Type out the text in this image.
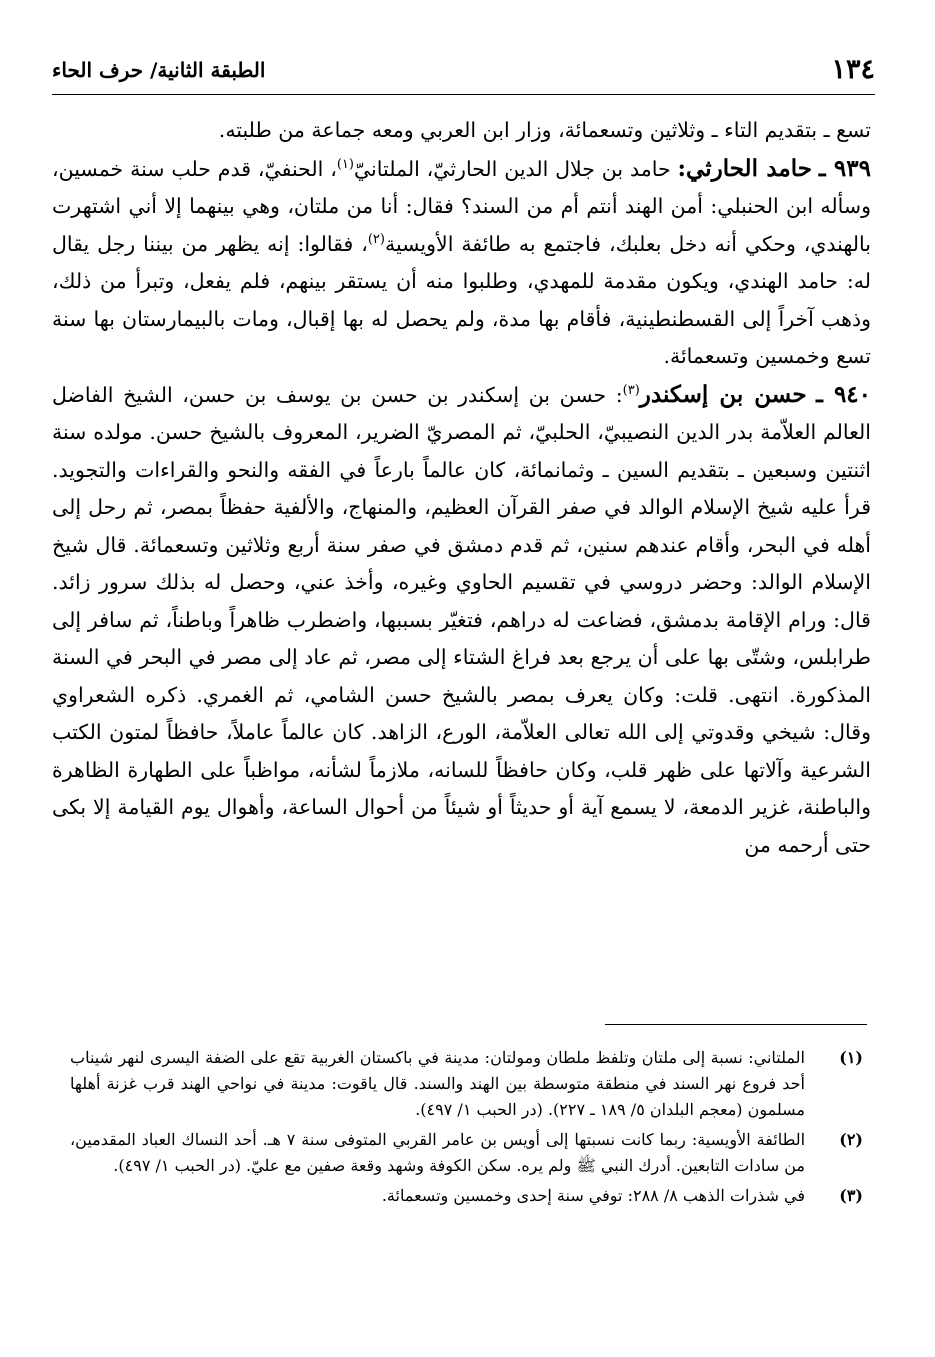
١٣٤
الطبقة الثانية/ حرف الحاء

تسع ـ بتقديم التاء ـ وثلاثين وتسعمائة، وزار ابن العربي ومعه جماعة من طلبته.

٩٣٩ ـ حامد الحارثي: حامد بن جلال الدين الحارثيّ، الملتانيّ$^{(١)}$، الحنفيّ، قدم حلب سنة خمسين، وسأله ابن الحنبلي: أمن الهند أنتم أم من السند؟ فقال: أنا من ملتان، وهي بينهما إلا أني اشتهرت بالهندي، وحكي أنه دخل بعلبك، فاجتمع به طائفة الأويسية$^{(٢)}$، فقالوا: إنه يظهر من بيننا رجل يقال له: حامد الهندي، ويكون مقدمة للمهدي، وطلبوا منه أن يستقر بينهم، فلم يفعل، وتبرأ من ذلك، وذهب آخراً إلى القسطنطينية، فأقام بها مدة، ولم يحصل له بها إقبال، ومات بالبيمارستان بها سنة تسع وخمسين وتسعمائة.

٩٤٠ ـ حسن بن إسكندر$^{(٣)}$: حسن بن إسكندر بن حسن بن يوسف بن حسن، الشيخ الفاضل العالم العلاّمة بدر الدين النصيبيّ، الحلبيّ، ثم المصريّ الضرير، المعروف بالشيخ حسن. مولده سنة اثنتين وسبعين ـ بتقديم السين ـ وثمانمائة، كان عالماً بارعاً في الفقه والنحو والقراءات والتجويد. قرأ عليه شيخ الإسلام الوالد في صفر القرآن العظيم، والمنهاج، والألفية حفظاً بمصر، ثم رحل إلى أهله في البحر، وأقام عندهم سنين، ثم قدم دمشق في صفر سنة أربع وثلاثين وتسعمائة. قال شيخ الإسلام الوالد: وحضر دروسي في تقسيم الحاوي وغيره، وأخذ عني، وحصل له بذلك سرور زائد. قال: ورام الإقامة بدمشق، فضاعت له دراهم، فتغيّر بسببها، واضطرب ظاهراً وباطناً، ثم سافر إلى طرابلس، وشتّى بها على أن يرجع بعد فراغ الشتاء إلى مصر، ثم عاد إلى مصر في البحر في السنة المذكورة. انتهى. قلت: وكان يعرف بمصر بالشيخ حسن الشامي، ثم الغمري. ذكره الشعراوي وقال: شيخي وقدوتي إلى الله تعالى العلاّمة، الورع، الزاهد. كان عالماً عاملاً، حافظاً لمتون الكتب الشرعية وآلاتها على ظهر قلب، وكان حافظاً للسانه، ملازماً لشأنه، مواظباً على الطهارة الظاهرة والباطنة، غزير الدمعة، لا يسمع آية أو حديثاً أو شيئاً من أحوال الساعة، وأهوال يوم القيامة إلا بكى حتى أرحمه من

(١)
الملتاني: نسبة إلى ملتان وتلفظ ملطان ومولتان: مدينة في باكستان الغربية تقع على الضفة اليسرى لنهر شيناب أحد فروع نهر السند في منطقة متوسطة بين الهند والسند. قال ياقوت: مدينة في نواحي الهند قرب غزنة أهلها مسلمون (معجم البلدان ٥/ ١٨٩ ـ ٢٢٧). (در الحبب ١/ ٤٩٧).
(٢)
الطائفة الأويسية: ربما كانت نسبتها إلى أويس بن عامر القربي المتوفى سنة ٧ هـ. أحد النساك العباد المقدمين، من سادات التابعين. أدرك النبي ﷺ ولم يره. سكن الكوفة وشهد وقعة صفين مع عليّ. (در الحبب ١/ ٤٩٧).
(٣)
في شذرات الذهب ٨/ ٢٨٨: توفي سنة إحدى وخمسين وتسعمائة.
